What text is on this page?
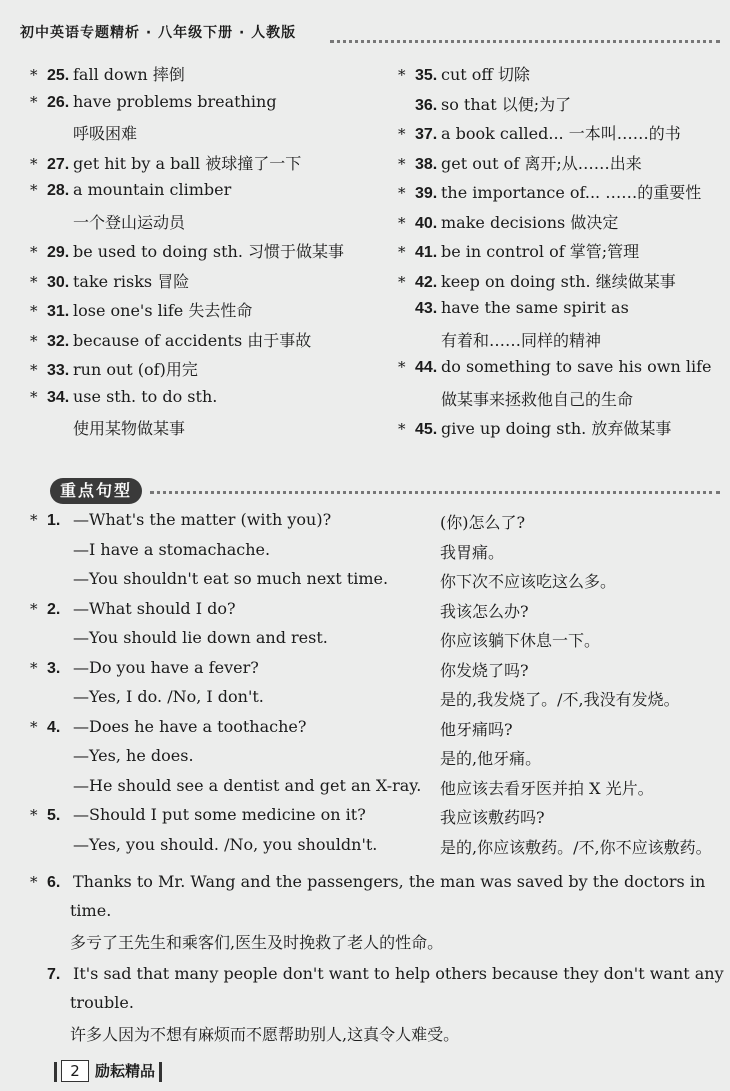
初中英语专题精析 · 八年级下册 · 人教版
* 25. fall down 摔倒
* 26. have problems breathing
呼吸困难
* 27. get hit by a ball 被球撞了一下
* 28. a mountain climber
一个登山运动员
* 29. be used to doing sth. 习惯于做某事
* 30. take risks 冒险
* 31. lose one's life 失去性命
* 32. because of accidents 由于事故
* 33. run out (of)用完
* 34. use sth. to do sth.
使用某物做某事
* 35. cut off 切除
36. so that 以便;为了
* 37. a book called... 一本叫……的书
* 38. get out of 离开;从……出来
* 39. the importance of... ……的重要性
* 40. make decisions 做决定
* 41. be in control of 掌管;管理
* 42. keep on doing sth. 继续做某事
43. have the same spirit as
有着和……同样的精神
* 44. do something to save his own life
做某事来拯救他自己的生命
* 45. give up doing sth. 放弃做某事
重点句型
* 1. —What's the matter (with you)?	(你)怎么了?
—I have a stomachache.	我胃痛。
—You shouldn't eat so much next time.	你下次不应该吃这么多。
* 2. —What should I do?	我该怎么办?
—You should lie down and rest.	你应该躺下休息一下。
* 3. —Do you have a fever?	你发烧了吗?
—Yes, I do. /No, I don't.	是的,我发烧了。/不,我没有发烧。
* 4. —Does he have a toothache?	他牙痛吗?
—Yes, he does.	是的,他牙痛。
—He should see a dentist and get an X-ray. 他应该去看牙医并拍 X 光片。
* 5. —Should I put some medicine on it?	我应该敷药吗?
—Yes, you should. /No, you shouldn't.	是的,你应该敷药。/不,你不应该敷药。
* 6. Thanks to Mr. Wang and the passengers, the man was saved by the doctors in
time.
多亏了王先生和乘客们,医生及时挽救了老人的性命。
7. It's sad that many people don't want to help others because they don't want any
trouble.
许多人因为不想有麻烦而不愿帮助别人,这真令人难受。
2 励耘精品
